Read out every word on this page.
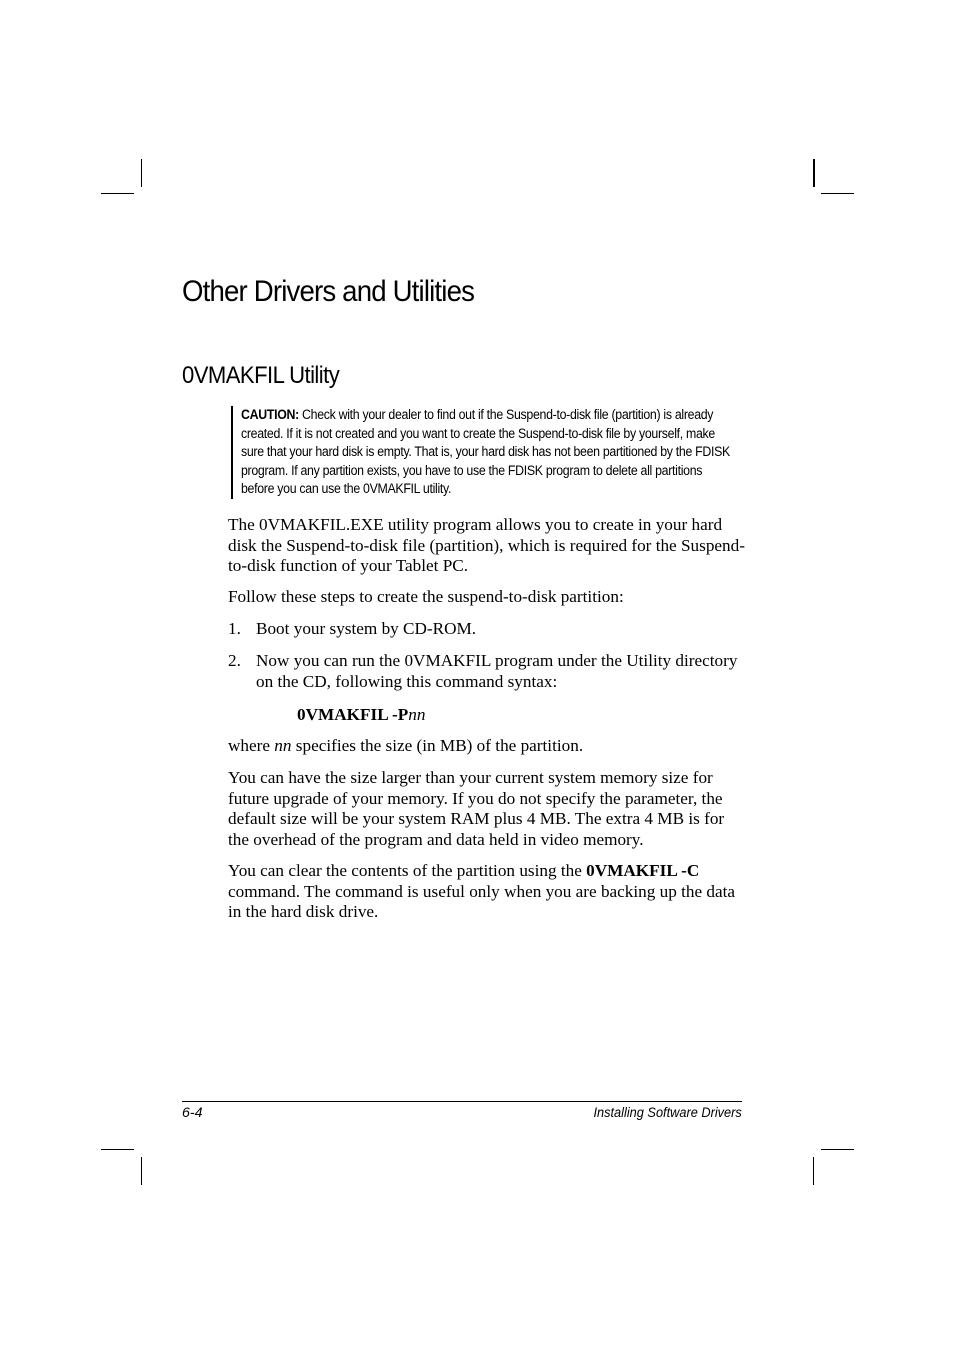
Other Drivers and Utilities
0VMAKFIL Utility

CAUTION: Check with your dealer to find out if the Suspend-to-disk file (partition) is already created. If it is not created and you want to create the Suspend-to-disk file by yourself, make sure that your hard disk is empty. That is, your hard disk has not been partitioned by the FDISK program. If any partition exists, you have to use the FDISK program to delete all partitions before you can use the 0VMAKFIL utility.

The 0VMAKFIL.EXE utility program allows you to create in your hard disk the Suspend-to-disk file (partition), which is required for the Suspend-to-disk function of your Tablet PC.

Follow these steps to create the suspend-to-disk partition:

1. Boot your system by CD-ROM.

2. Now you can run the 0VMAKFIL program under the Utility directory on the CD, following this command syntax:

0VMAKFIL -Pnn

where nn specifies the size (in MB) of the partition.

You can have the size larger than your current system memory size for future upgrade of your memory. If you do not specify the parameter, the default size will be your system RAM plus 4 MB. The extra 4 MB is for the overhead of the program and data held in video memory.

You can clear the contents of the partition using the 0VMAKFIL -C command. The command is useful only when you are backing up the data in the hard disk drive.

6-4	Installing Software Drivers
